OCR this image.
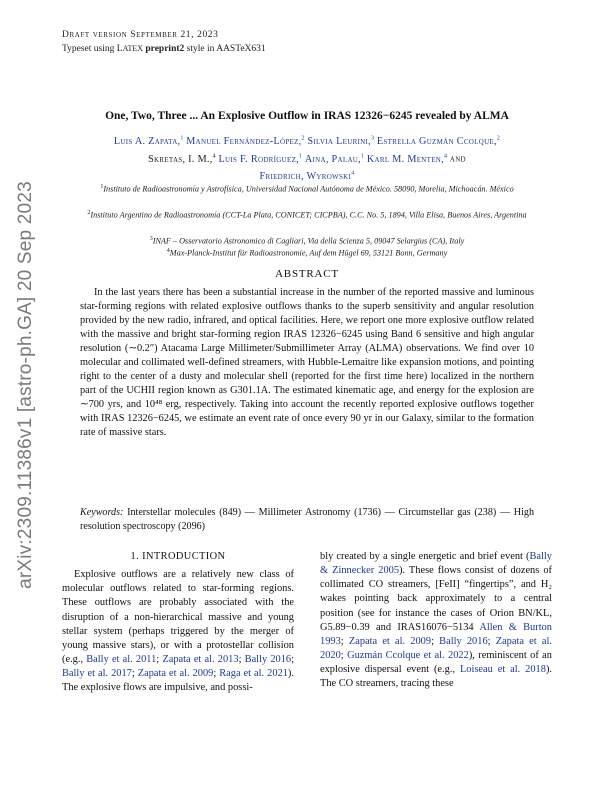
arXiv:2309.11386v1 [astro-ph.GA] 20 Sep 2023
Draft version September 21, 2023
Typeset using LATEX preprint2 style in AASTeX631
One, Two, Three ... An Explosive Outflow in IRAS 12326−6245 revealed by ALMA
Luis A. Zapata,$^1$ Manuel Fernández-López,$^2$ Silvia Leurini,$^3$ Estrella Guzmán Ccolque,$^2$
Skretas, I. M.,$^4$ Luis F. Rodríguez,$^1$ Aina, Palau,$^1$ Karl M. Menten,$^4$ and
Friedrich, Wyrowski$^4$
$^1$Instituto de Radioastronomía y Astrofísica, Universidad Nacional Autónoma de México. 58090, Morelia, Michoacán. México
$^2$Instituto Argentino de Radioastronomía (CCT-La Plata, CONICET; CICPBA), C.C. No. 5, 1894, Villa Elisa, Buenos Aires, Argentina
$^3$INAF – Osservatorio Astronomico di Cagliari, Via della Scienza 5, 09047 Selargius (CA), Italy
$^4$Max-Planck-Institut für Radioastronomie, Auf dem Hügel 69, 53121 Bonn, Germany
ABSTRACT

In the last years there has been a substantial increase in the number of the reported massive and luminous star-forming regions with related explosive outflows thanks to the superb sensitivity and angular resolution provided by the new radio, infrared, and optical facilities. Here, we report one more explosive outflow related with the massive and bright star-forming region IRAS 12326−6245 using Band 6 sensitive and high angular resolution (∼0.2″) Atacama Large Millimeter/Submillimeter Array (ALMA) observations. We find over 10 molecular and collimated well-defined streamers, with Hubble-Lemaitre like expansion motions, and pointing right to the center of a dusty and molecular shell (reported for the first time here) localized in the northern part of the UCHII region known as G301.1A. The estimated kinematic age, and energy for the explosion are ∼700 yrs, and 10⁴⁸ erg, respectively. Taking into account the recently reported explosive outflows together with IRAS 12326−6245, we estimate an event rate of once every 90 yr in our Galaxy, similar to the formation rate of massive stars.

Keywords: Interstellar molecules (849) — Millimeter Astronomy (1736) — Circumstellar gas (238) — High resolution spectroscopy (2096)

1. INTRODUCTION

Explosive outflows are a relatively new class of molecular outflows related to star-forming regions. These outflows are probably associated with the disruption of a non-hierarchical massive and young stellar system (perhaps triggered by the merger of young massive stars), or with a protostellar collision (e.g., Bally et al. 2011; Zapata et al. 2013; Bally 2016; Bally et al. 2017; Zapata et al. 2009; Raga et al. 2021). The explosive flows are impulsive, and possi-

bly created by a single energetic and brief event (Bally & Zinnecker 2005). These flows consist of dozens of collimated CO streamers, [FeII] “fingertips”, and H₂ wakes pointing back approximately to a central position (see for instance the cases of Orion BN/KL, G5.89−0.39 and IRAS16076−5134 Allen & Burton 1993; Zapata et al. 2009; Bally 2016; Zapata et al. 2020; Guzmán Ccolque et al. 2022), reminiscent of an explosive dispersal event (e.g., Loiseau et al. 2018). The CO streamers, tracing these
